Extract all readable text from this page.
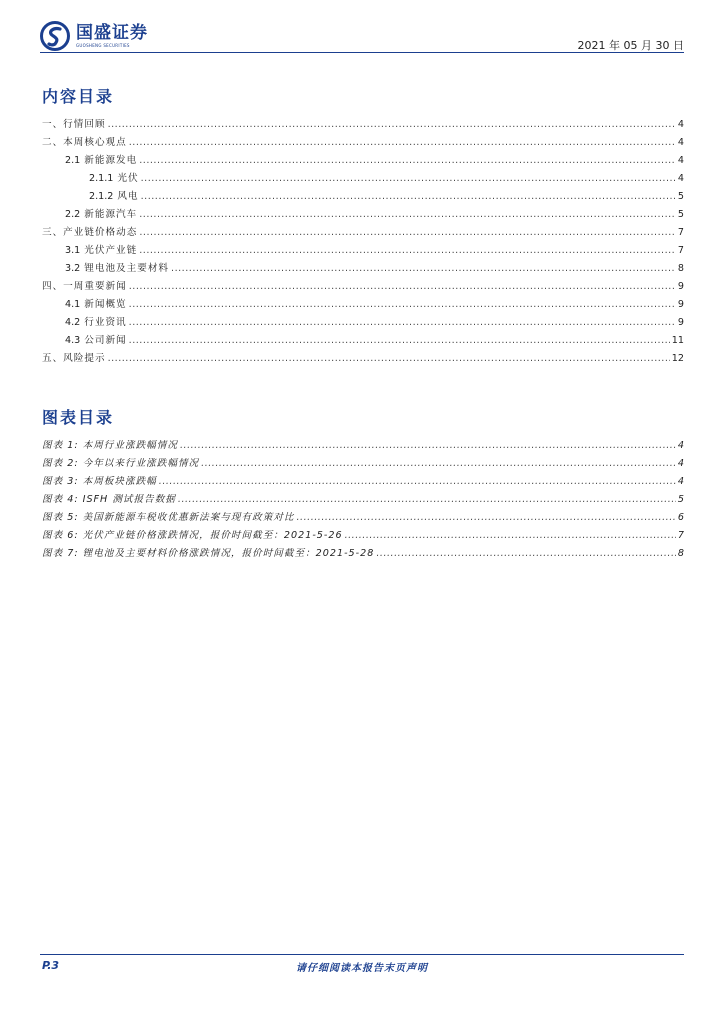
国盛证券
GUOSHENG SECURITIES	2021 年 05 月 30 日
内容目录
一、行情回顾 .....	4
二、本周核心观点 .....	4
2.1 新能源发电 .....	4
2.1.1 光伏 .....	4
2.1.2 风电 .....	5
2.2 新能源汽车 .....	5
三、产业链价格动态 .....	7
3.1 光伏产业链 .....	7
3.2 锂电池及主要材料 .....	8
四、一周重要新闻 .....	9
4.1 新闻概览 .....	9
4.2 行业资讯 .....	9
4.3 公司新闻 .....	11
五、风险提示 .....	12
图表目录
图表 1: 本周行业涨跌幅情况 .....	4
图表 2: 今年以来行业涨跌幅情况 .....	4
图表 3: 本周板块涨跌幅 .....	4
图表 4: ISFH 测试报告数据 .....	5
图表 5: 美国新能源车税收优惠新法案与现有政策对比 .....	6
图表 6: 光伏产业链价格涨跌情况，报价时间截至：2021-5-26 .....	7
图表 7: 锂电池及主要材料价格涨跌情况，报价时间截至：2021-5-28 .....	8
P.3	请仔细阅读本报告末页声明
